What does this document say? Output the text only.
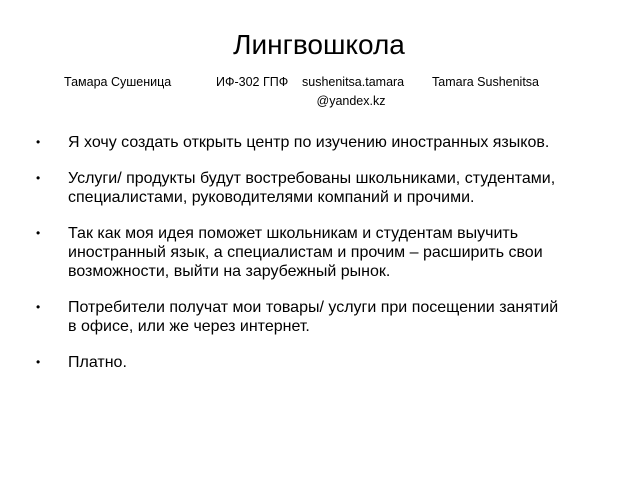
Лингвошкола
Тамара Сушеница	ИФ-302 ГПФ sushenitsa.tamara
@yandex.kz
Tamara Sushenitsa
• Я хочу создать открыть центр по изучению иностранных языков.
• Услуги/ продукты будут востребованы школьниками, студентами, специалистами, руководителями компаний и прочими.
• Так как моя идея поможет школьникам и студентам выучить иностранный язык, а специалистам и прочим – расширить свои возможности, выйти на зарубежный рынок.
• Потребители получат мои товары/ услуги при посещении занятий в офисе, или же через интернет.
• Платно.
